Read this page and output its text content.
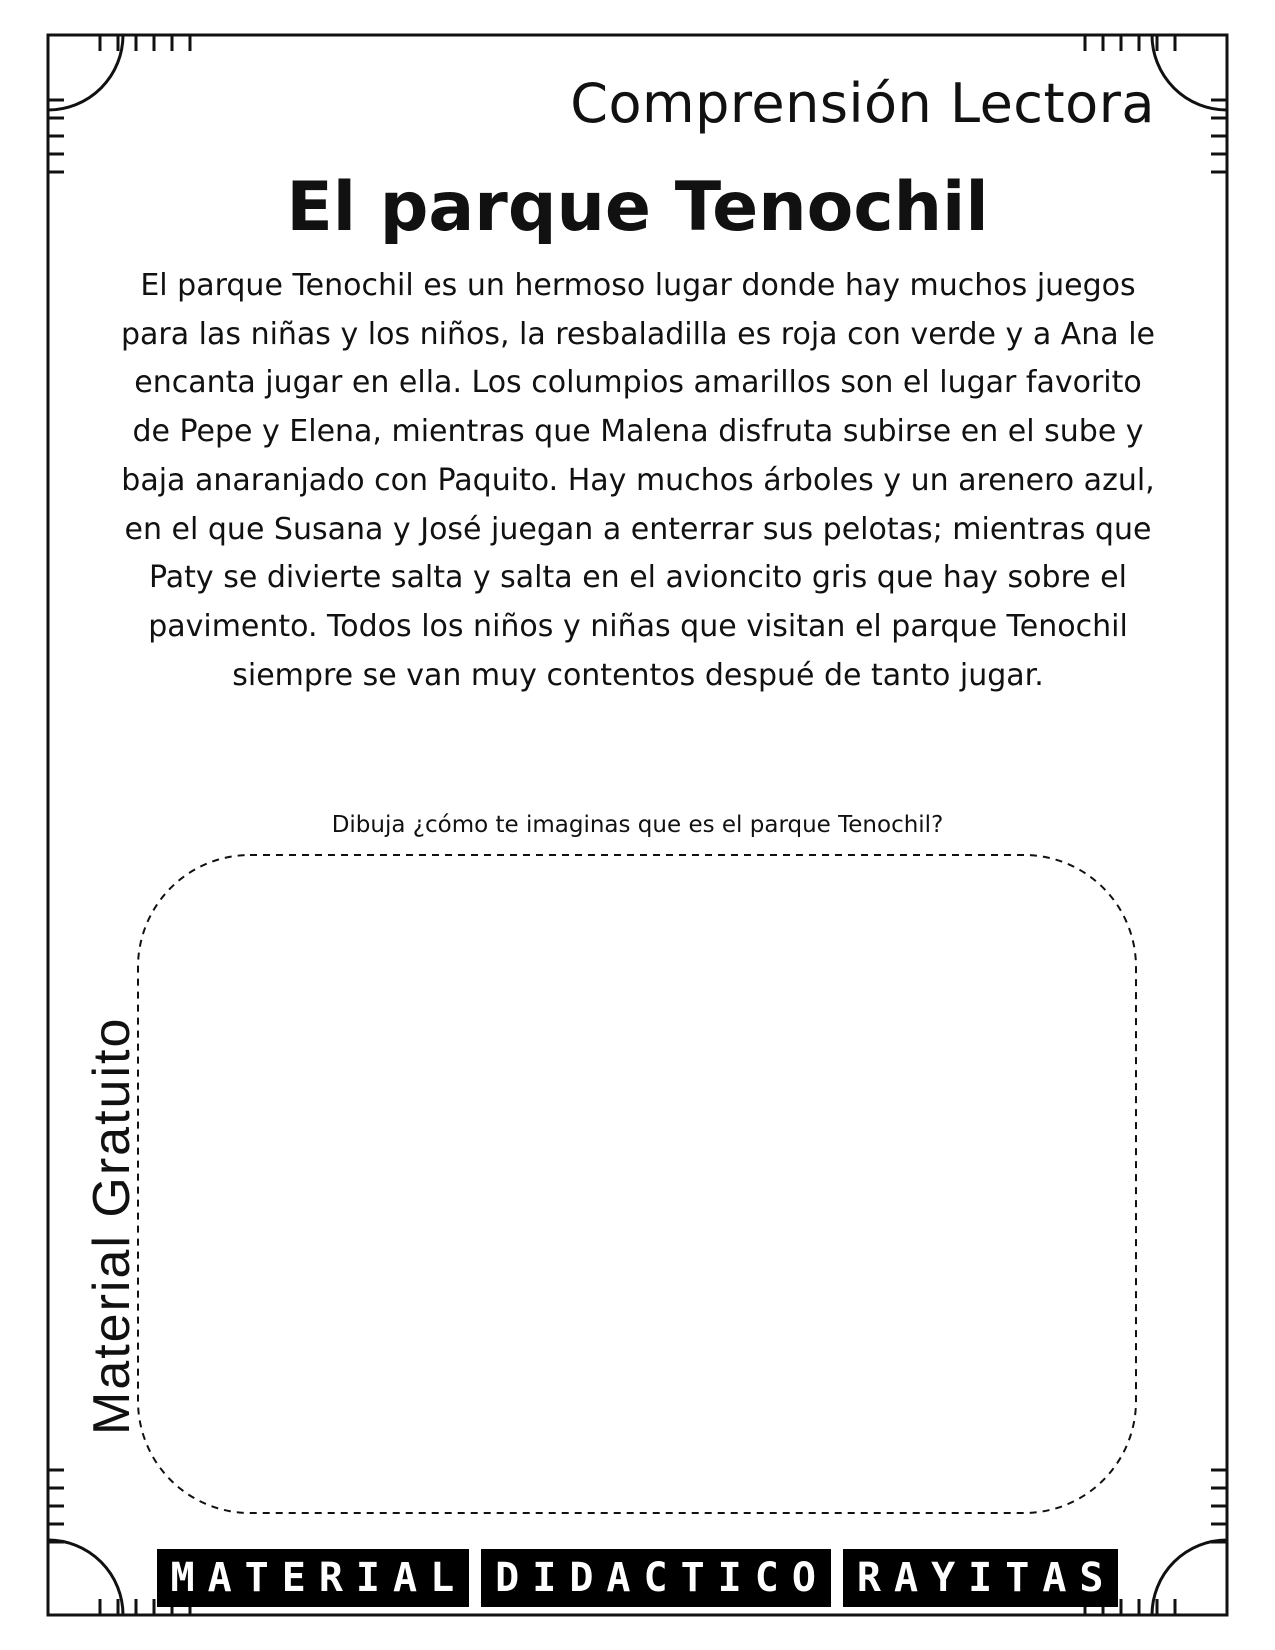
Comprensión Lectora
El parque Tenochil
El parque Tenochil es un hermoso lugar donde hay muchos juegos para las niñas y los niños, la resbaladilla es roja con verde y a Ana le encanta jugar en ella. Los columpios amarillos son el lugar favorito de Pepe y Elena, mientras que Malena disfruta subirse en el sube y baja anaranjado con Paquito. Hay muchos árboles y un arenero azul, en el que Susana y José juegan a enterrar sus pelotas; mientras que Paty se divierte salta y salta en el avioncito gris que hay sobre el pavimento. Todos los niños y niñas que visitan el parque Tenochil siempre se van muy contentos despué de tanto jugar.
Dibuja ¿cómo te imaginas que es el parque Tenochil?
Material Gratuito
MATERIAL DIDACTICO RAYITAS
